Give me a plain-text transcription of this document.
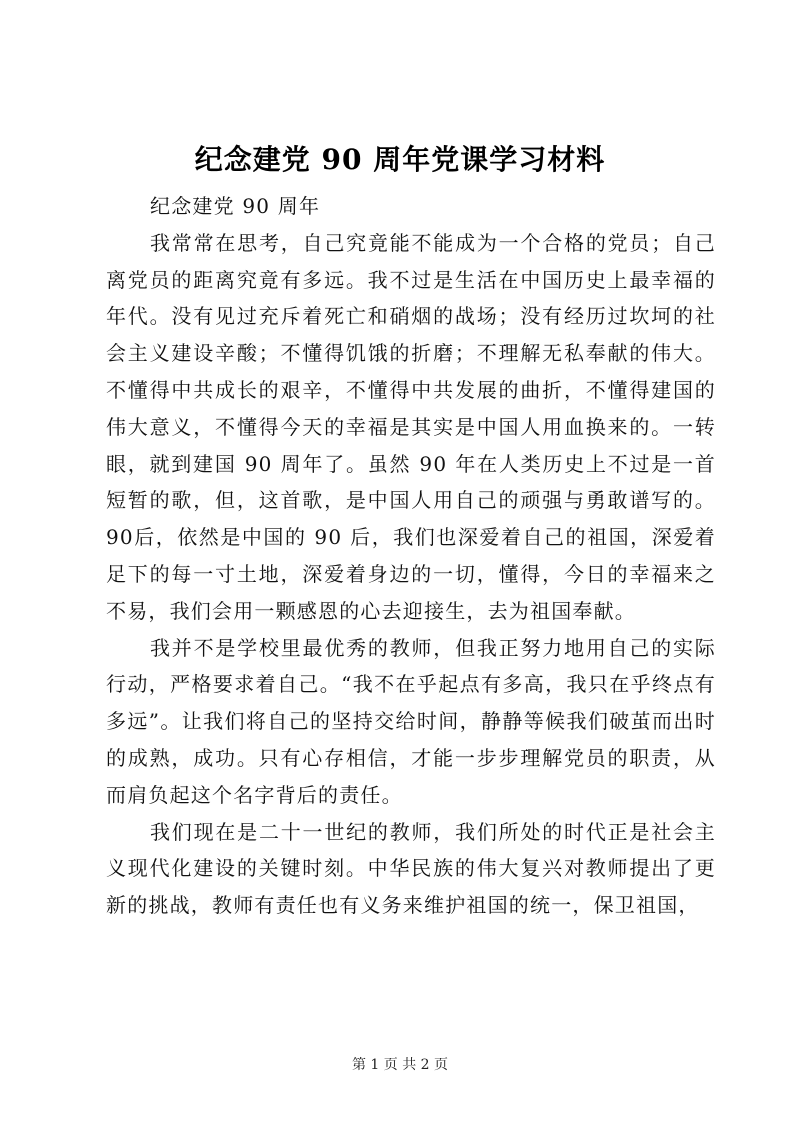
纪念建党 90 周年党课学习材料

纪念建党 90 周年

我常常在思考，自己究竟能不能成为一个合格的党员；自己离党员的距离究竟有多远。我不过是生活在中国历史上最幸福的年代。没有见过充斥着死亡和硝烟的战场；没有经历过坎坷的社会主义建设辛酸；不懂得饥饿的折磨；不理解无私奉献的伟大。不懂得中共成长的艰辛，不懂得中共发展的曲折，不懂得建国的伟大意义，不懂得今天的幸福是其实是中国人用血换来的。一转眼，就到建国 90 周年了。虽然 90 年在人类历史上不过是一首短暂的歌，但，这首歌，是中国人用自己的顽强与勇敢谱写的。90后，依然是中国的 90 后，我们也深爱着自己的祖国，深爱着足下的每一寸土地，深爱着身边的一切，懂得，今日的幸福来之不易，我们会用一颗感恩的心去迎接生，去为祖国奉献。

我并不是学校里最优秀的教师，但我正努力地用自己的实际行动，严格要求着自己。“我不在乎起点有多高，我只在乎终点有多远”。让我们将自己的坚持交给时间，静静等候我们破茧而出时的成熟，成功。只有心存相信，才能一步步理解党员的职责，从而肩负起这个名字背后的责任。

我们现在是二十一世纪的教师，我们所处的时代正是社会主义现代化建设的关键时刻。中华民族的伟大复兴对教师提出了更新的挑战，教师有责任也有义务来维护祖国的统一，保卫祖国，

第 1 页 共 2 页
